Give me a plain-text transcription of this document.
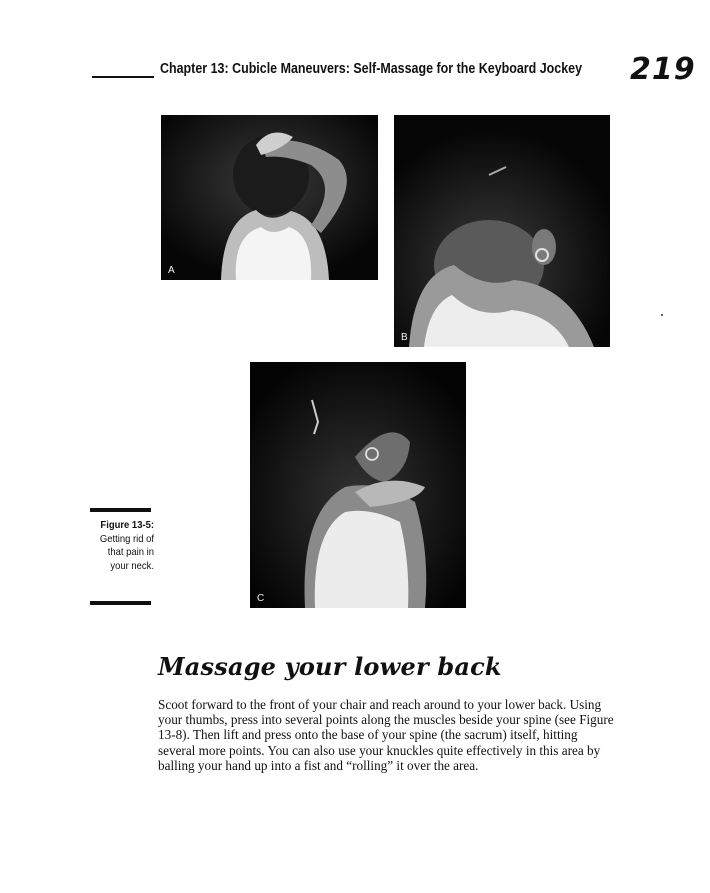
Chapter 13: Cubicle Maneuvers: Self-Massage for the Keyboard Jockey 219
A
B
C
Figure 13-5:
Getting rid of that pain in your neck.
Massage your lower back

Scoot forward to the front of your chair and reach around to your lower back. Using your thumbs, press into several points along the muscles beside your spine (see Figure 13-8). Then lift and press onto the base of your spine (the sacrum) itself, hitting several more points. You can also use your knuckles quite effectively in this area by balling your hand up into a fist and “rolling” it over the area.
